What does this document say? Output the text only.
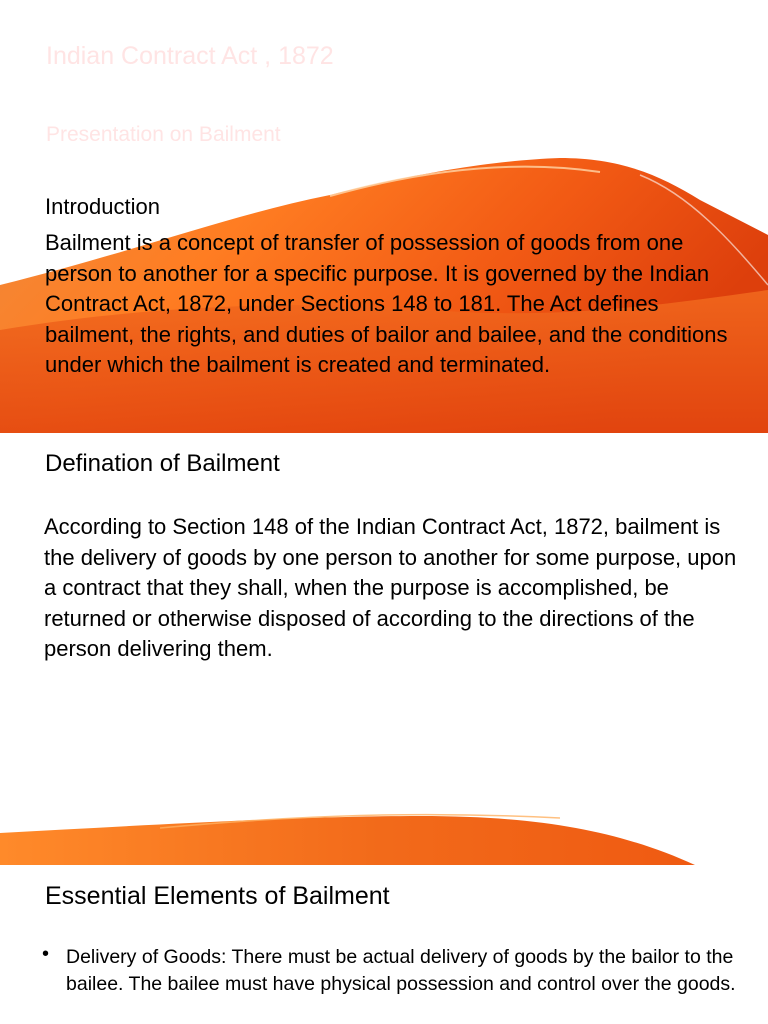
Indian Contract Act , 1872

Presentation on Bailment

Introduction

Bailment is a concept of transfer of possession of goods from one person to another for a specific purpose. It is governed by the Indian Contract Act, 1872, under Sections 148 to 181. The Act defines bailment, the rights, and duties of bailor and bailee, and the conditions under which the bailment is created and terminated.

Defination of Bailment

According to Section 148 of the Indian Contract Act, 1872, bailment is the delivery of goods by one person to another for some purpose, upon a contract that they shall, when the purpose is accomplished, be returned or otherwise disposed of according to the directions of the person delivering them.

Essential Elements of Bailment

• Delivery of Goods: There must be actual delivery of goods by the bailor to the bailee. The bailee must have physical possession and control over the goods.
